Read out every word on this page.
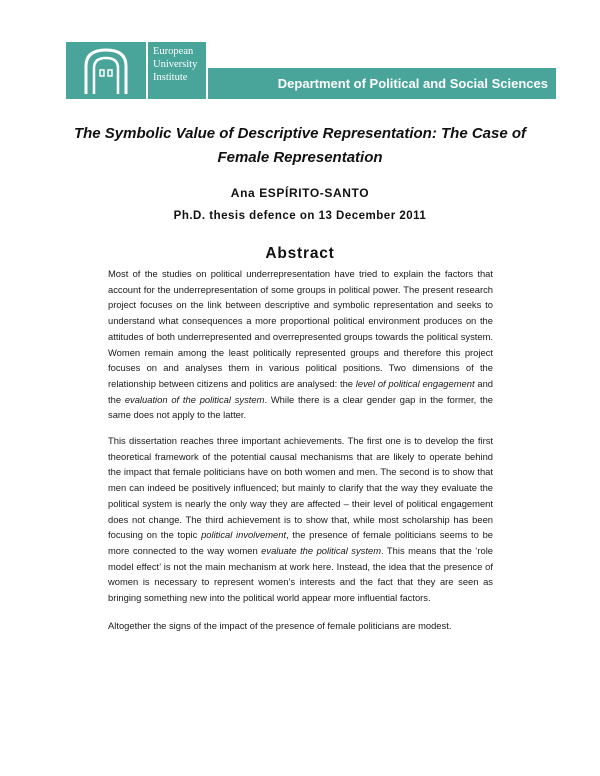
European
University
Institute	Department of Political and Social Sciences
The Symbolic Value of Descriptive Representation: The Case of Female Representation
Ana ESPÍRITO-SANTO
Ph.D. thesis defence on 13 December 2011
Abstract

Most of the studies on political underrepresentation have tried to explain the factors that account for the underrepresentation of some groups in political power. The present research project focuses on the link between descriptive and symbolic representation and seeks to understand what consequences a more proportional political environment produces on the attitudes of both underrepresented and overrepresented groups towards the political system. Women remain among the least politically represented groups and therefore this project focuses on and analyses them in various political positions. Two dimensions of the relationship between citizens and politics are analysed: the level of political engagement and the evaluation of the political system. While there is a clear gender gap in the former, the same does not apply to the latter.

This dissertation reaches three important achievements. The first one is to develop the first theoretical framework of the potential causal mechanisms that are likely to operate behind the impact that female politicians have on both women and men. The second is to show that men can indeed be positively influenced; but mainly to clarify that the way they evaluate the political system is nearly the only way they are affected – their level of political engagement does not change. The third achievement is to show that, while most scholarship has been focusing on the topic political involvement, the presence of female politicians seems to be more connected to the way women evaluate the political system. This means that the ‘role model effect’ is not the main mechanism at work here. Instead, the idea that the presence of women is necessary to represent women’s interests and the fact that they are seen as bringing something new into the political world appear more influential factors.

Altogether the signs of the impact of the presence of female politicians are modest.
